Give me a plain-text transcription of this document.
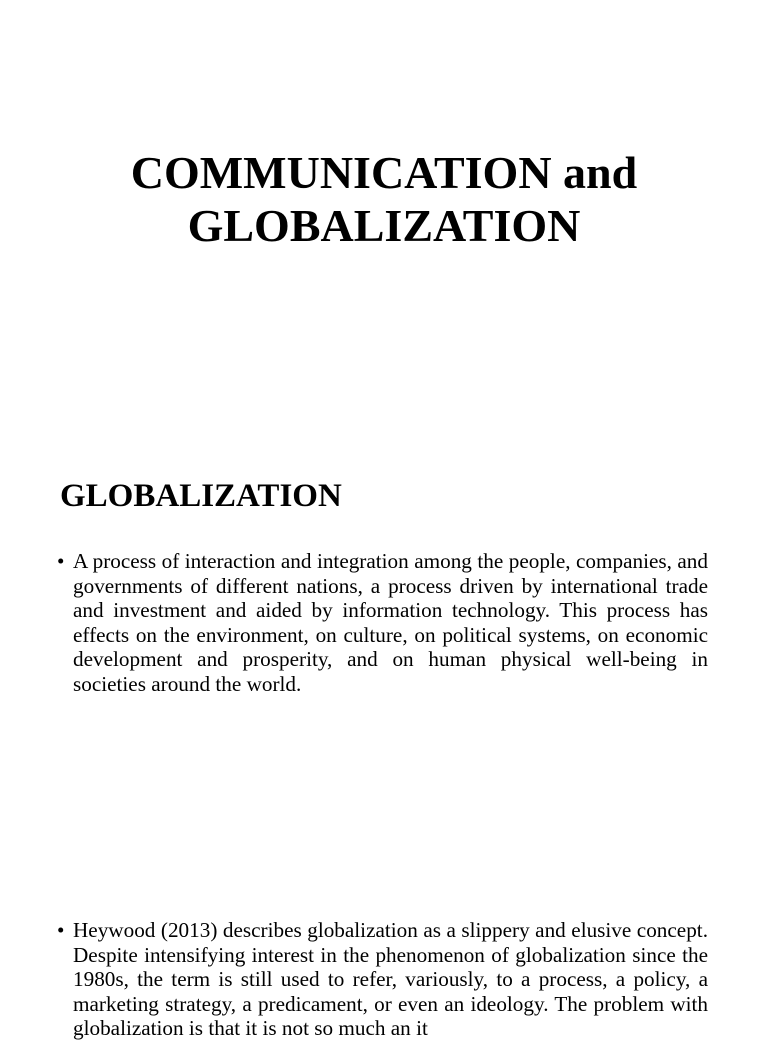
COMMUNICATION and
GLOBALIZATION
GLOBALIZATION
• A process of interaction and integration among the people, companies, and governments of different nations, a process driven by international trade and investment and aided by information technology. This process has effects on the environment, on culture, on political systems, on economic development and prosperity, and on human physical well-being in societies around the world.
• Heywood (2013) describes globalization as a slippery and elusive concept. Despite intensifying interest in the phenomenon of globalization since the 1980s, the term is still used to refer, variously, to a process, a policy, a marketing strategy, a predicament, or even an ideology. The problem with globalization is that it is not so much an it
